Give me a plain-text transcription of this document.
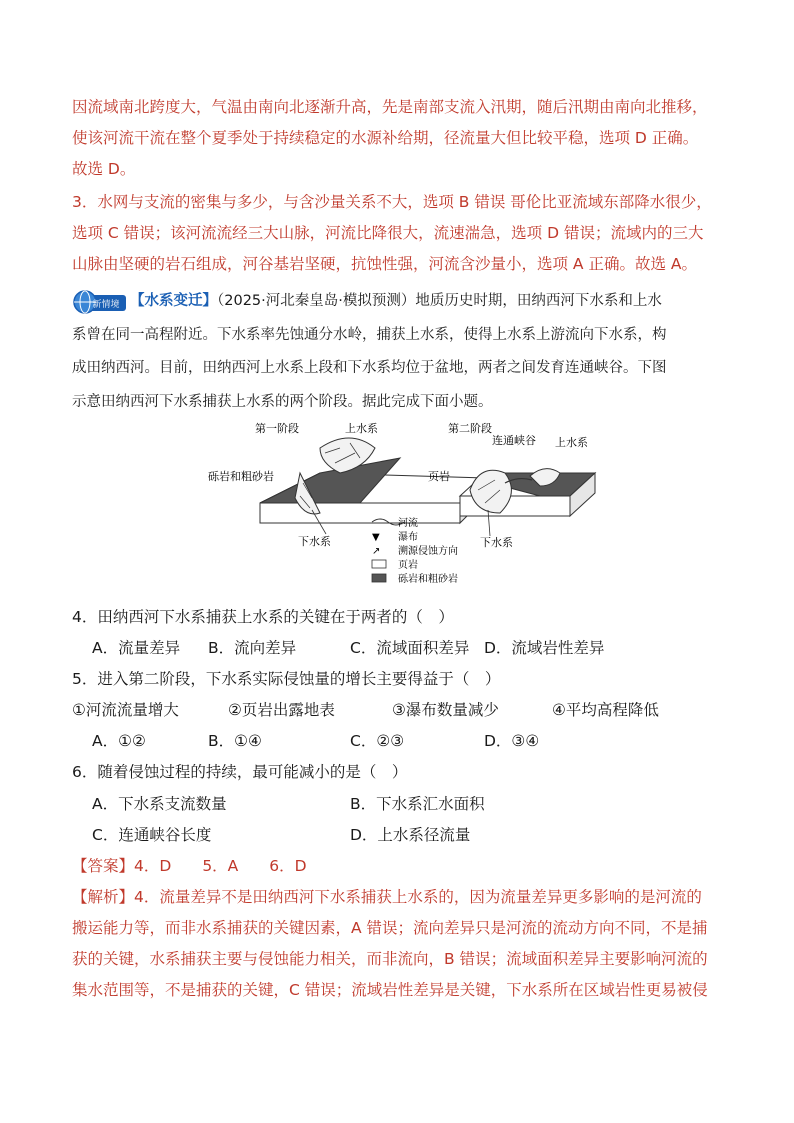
因流域南北跨度大，气温由南向北逐渐升高，先是南部支流入汛期，随后汛期由南向北推移，
使该河流干流在整个夏季处于持续稳定的水源补给期，径流量大但比较平稳，选项 D 正确。
故选 D。
3．水网与支流的密集与多少，与含沙量关系不大，选项 B 错误 哥伦比亚流域东部降水很少，
选项 C 错误；该河流流经三大山脉，河流比降很大，流速湍急，选项 D 错误；流域内的三大
山脉由坚硬的岩石组成，河谷基岩坚硬，抗蚀性强，河流含沙量小，选项 A 正确。故选 A。
新情境 【水系变迁】（2025·河北秦皇岛·模拟预测）地质历史时期，田纳西河下水系和上水
系曾在同一高程附近。下水系率先蚀通分水岭，捕获上水系，使得上水系上游流向下水系，构
成田纳西河。目前，田纳西河上水系上段和下水系均位于盆地，两者之间发育连通峡谷。下图
示意田纳西河下水系捕获上水系的两个阶段。据此完成下面小题。
第一阶段	上水系
砾岩和粗砂岩
下水系
第二阶段
连通峡谷 上水系
页岩
下水系
河流
▼ 瀑布
↗ 溯源侵蚀方向
页岩
砾岩和粗砂岩
4．田纳西河下水系捕获上水系的关键在于两者的（　）
A．流量差异 B．流向差异	C．流域面积差异 D．流域岩性差异
5．进入第二阶段，下水系实际侵蚀量的增长主要得益于（　）
①河流流量增大	②页岩出露地表	③瀑布数量减少	④平均高程降低
A．①②	B．①④	C．②③	D．③④
6．随着侵蚀过程的持续，最可能减小的是（　）
A．下水系支流数量	B．下水系汇水面积
C．连通峡谷长度	D．上水系径流量
【答案】4．D　　5．A　　6．D
【解析】4．流量差异不是田纳西河下水系捕获上水系的，因为流量差异更多影响的是河流的
搬运能力等，而非水系捕获的关键因素，A 错误；流向差异只是河流的流动方向不同，不是捕
获的关键，水系捕获主要与侵蚀能力相关，而非流向，B 错误；流域面积差异主要影响河流的
集水范围等，不是捕获的关键，C 错误；流域岩性差异是关键，下水系所在区域岩性更易被侵
